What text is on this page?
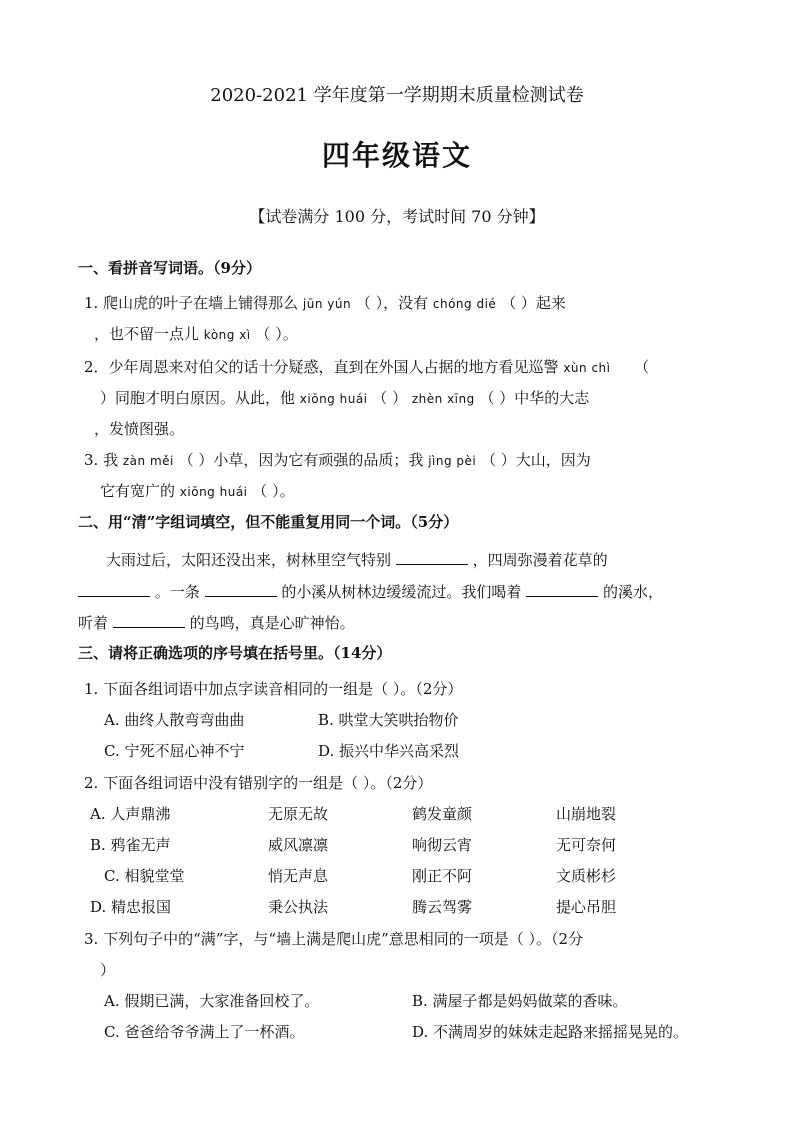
2020-2021 学年度第一学期期末质量检测试卷
四年级语文
【试卷满分 100 分，考试时间 70 分钟】
一、看拼音写词语。（9分）
1. 爬山虎的叶子在墙上铺得那么 jūn yún （ ），没有 chóng dié （ ）起来
，也不留一点儿 kòng xì （ ）。
2．少年周恩来对伯父的话十分疑惑，直到在外国人占据的地方看见巡警 xùn chì （
）同胞才明白原因。从此，他 xiōng huái （ ） zhèn xīng （ ）中华的大志
，发愤图强。
3. 我 zàn měi （ ）小草，因为它有顽强的品质；我 jìng pèi （ ）大山，因为
它有宽广的 xiōng huái （ ）。
二、用“清”字组词填空，但不能重复用同一个词。（5分）
大雨过后，太阳还没出来，树林里空气特别	，四周弥漫着花草的
。一条	的小溪从树林边缓缓流过。我们喝着	的溪水，
听着	的鸟鸣，真是心旷神怡。
三、请将正确选项的序号填在括号里。（14分）
1. 下面各组词语中加点字读音相同的一组是（ ）。（2分）
A. 曲终人散弯弯曲曲	B. 哄堂大笑哄抬物价
C. 宁死不屈心神不宁	D. 振兴中华兴高采烈
2. 下面各组词语中没有错别字的一组是（ ）。（2分）
A. 人声鼎沸	无原无故	鹤发童颜	山崩地裂
B. 鸦雀无声	威风凛凛	响彻云宵	无可奈何
C. 相貌堂堂	悄无声息	刚正不阿	文质彬杉
D. 精忠报国	秉公执法	腾云驾雾	提心吊胆
3. 下列句子中的“满”字，与“墙上满是爬山虎”意思相同的一项是（ ）。（2分
）
A. 假期已满，大家准备回校了。	B. 满屋子都是妈妈做菜的香味。
C. 爸爸给爷爷满上了一杯酒。	D. 不满周岁的妹妹走起路来摇摇晃晃的。
